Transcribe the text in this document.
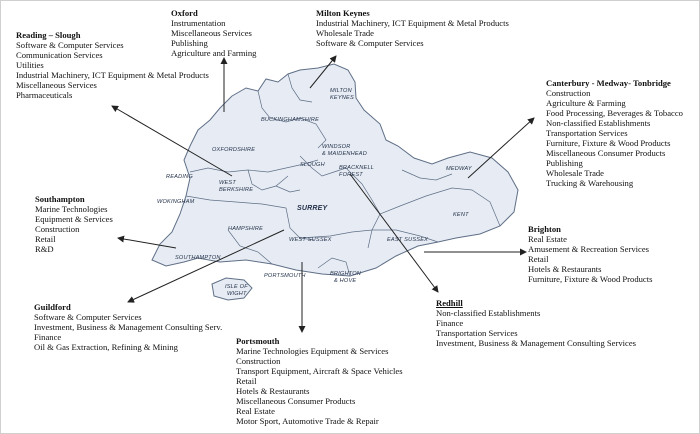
MILTON
KEYNES
BUCKINGHAMSHIRE
OXFORDSHIRE	WINDSOR
& MAIDENHEAD
SLOUGH	BRACKNELL
FOREST
READING
WEST
BERKSHIRE
WOKINGHAM
SURREY
MEDWAY
KENT
HAMPSHIRE
WEST SUSSEX	EAST SUSSEX
SOUTHAMPTON
PORTSMOUTH	BRIGHTON
& HOVE
ISLE OF
WIGHT
Reading – Slough
Software & Computer Services
Communication Services
Utilities
Industrial Machinery, ICT Equipment & Metal Products
Miscellaneous Services
Pharmaceuticals
Oxford
Instrumentation
Miscellaneous Services
Publishing
Agriculture and Farming
Milton Keynes
Industrial Machinery, ICT Equipment & Metal Products
Wholesale Trade
Software & Computer Services
Canterbury - Medway- Tonbridge
Construction
Agriculture & Farming
Food Processing, Beverages & Tobacco
Non-classified Establishments
Transportation Services
Furniture, Fixture & Wood Products
Miscellaneous Consumer Products
Publishing
Wholesale Trade
Trucking & Warehousing
Southampton
Marine Technologies
Equipment & Services
Construction
Retail
R&D
Brighton
Real Estate
Amusement & Recreation Services
Retail
Hotels & Restaurants
Furniture, Fixture & Wood Products
Guildford
Software & Computer Services
Investment, Business & Management Consulting Serv.
Finance
Oil & Gas Extraction, Refining & Mining
Redhill
Non-classified Establishments
Finance
Transportation Services
Investment, Business & Management Consulting Services
Portsmouth
Marine Technologies Equipment & Services
Construction
Transport Equipment, Aircraft & Space Vehicles
Retail
Hotels & Restaurants
Miscellaneous Consumer Products
Real Estate
Motor Sport, Automotive Trade & Repair
